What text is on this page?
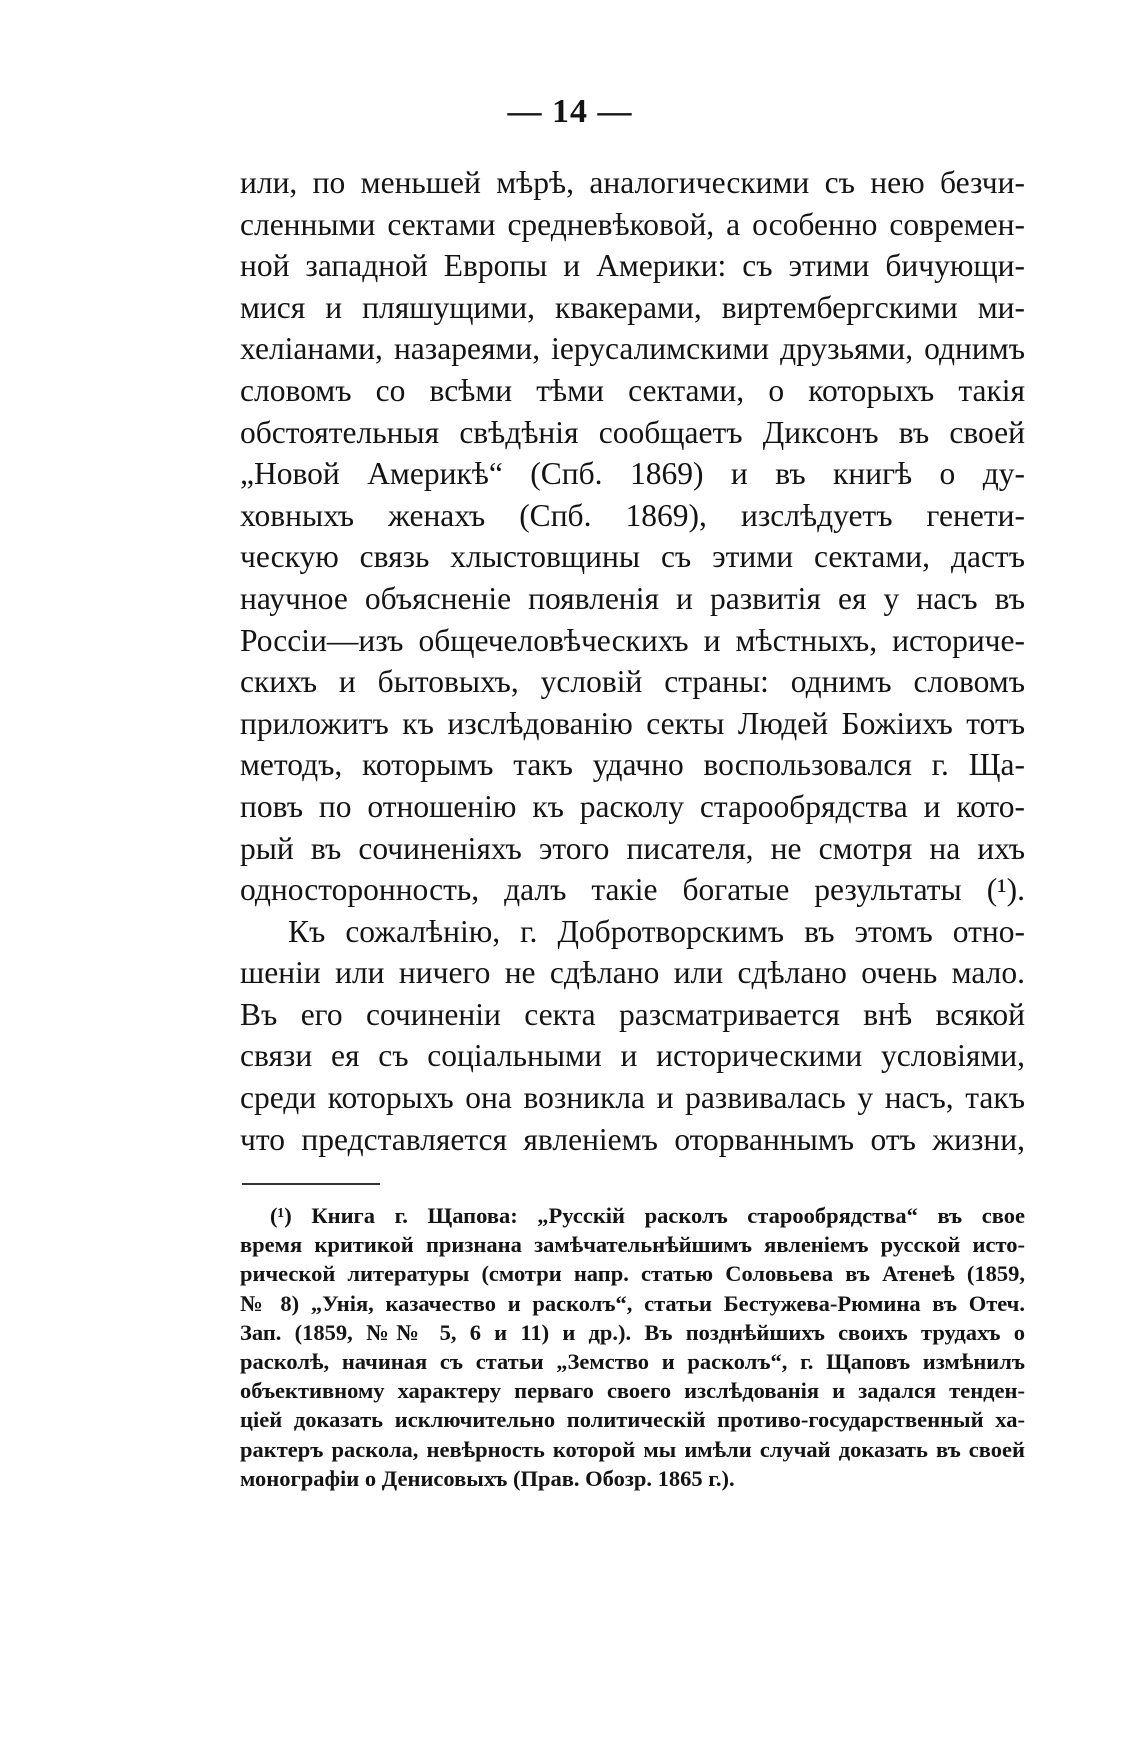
— 14 —
или, по меньшей мѣрѣ, аналогическими съ нею безчи-
сленными сектами средневѣковой, а особенно современ-
ной западной Европы и Америки: съ этими бичующи-
мися и пляшущими, квакерами, виртембергскими ми-
хеліанами, назареями, іерусалимскими друзьями, однимъ
словомъ со всѣми тѣми сектами, о которыхъ такія
обстоятельныя свѣдѣнія сообщаетъ Диксонъ въ своей
„Новой Америкѣ“ (Спб. 1869) и въ книгѣ о ду-
ховныхъ женахъ (Спб. 1869), изслѣдуетъ генети-
ческую связь хлыстовщины съ этими сектами, дастъ
научное объясненіе появленія и развитія ея у насъ въ
Россіи—изъ общечеловѣческихъ и мѣстныхъ, историче-
скихъ и бытовыхъ, условій страны: однимъ словомъ
приложитъ къ изслѣдованію секты Людей Божіихъ тотъ
методъ, которымъ такъ удачно воспользовался г. Ща-
повъ по отношенію къ расколу старообрядства и кото-
рый въ сочиненіяхъ этого писателя, не смотря на ихъ
односторонность, далъ такіе богатые результаты (¹).
Къ сожалѣнію, г. Добротворскимъ въ этомъ отно-
шеніи или ничего не сдѣлано или сдѣлано очень мало.
Въ его сочиненіи секта разсматривается внѣ всякой
связи ея съ соціальными и историческими условіями,
среди которыхъ она возникла и развивалась у насъ, такъ
что представляется явленіемъ оторваннымъ отъ жизни,
(¹) Книга г. Щапова: „Русскій расколъ старообрядства“ въ свое
время критикой признана замѣчательнѣйшимъ явленіемъ русской исто-
рической литературы (смотри напр. статью Соловьева въ Атенеѣ (1859,
№ 8) „Унія, казачество и расколъ“, статьи Бестужева-Рюмина въ Отеч.
Зап. (1859, №№ 5, 6 и 11) и др.). Въ позднѣйшихъ своихъ трудахъ о
расколѣ, начиная съ статьи „Земство и расколъ“, г. Щаповъ измѣнилъ
объективному характеру перваго своего изслѣдованія и задался тенден-
ціей доказать исключительно политическій противо-государственный ха-
рактеръ раскола, невѣрность которой мы имѣли случай доказать въ своей
монографіи о Денисовыхъ (Прав. Обозр. 1865 г.).
